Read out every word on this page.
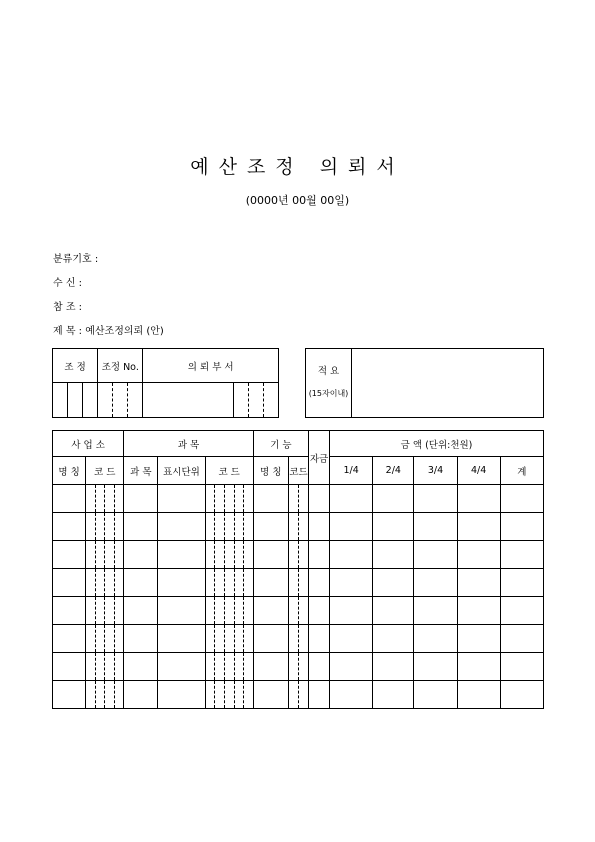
예산조정 의뢰서
(0000년 00월 00일)
분류기호 :
수 신 :
참 조 :
제 목 : 예산조정의뢰 (안)
조 정			조정 No.	의 뢰 부 서	

			적 요
(15자이내)

사 업 소		과 목			기 능		자금	금 액 (단위:천원)				
명 칭	코 드	과 목	표시단위	코 드	명 칭	코드		1/4	2/4	3/4	4/4	계
